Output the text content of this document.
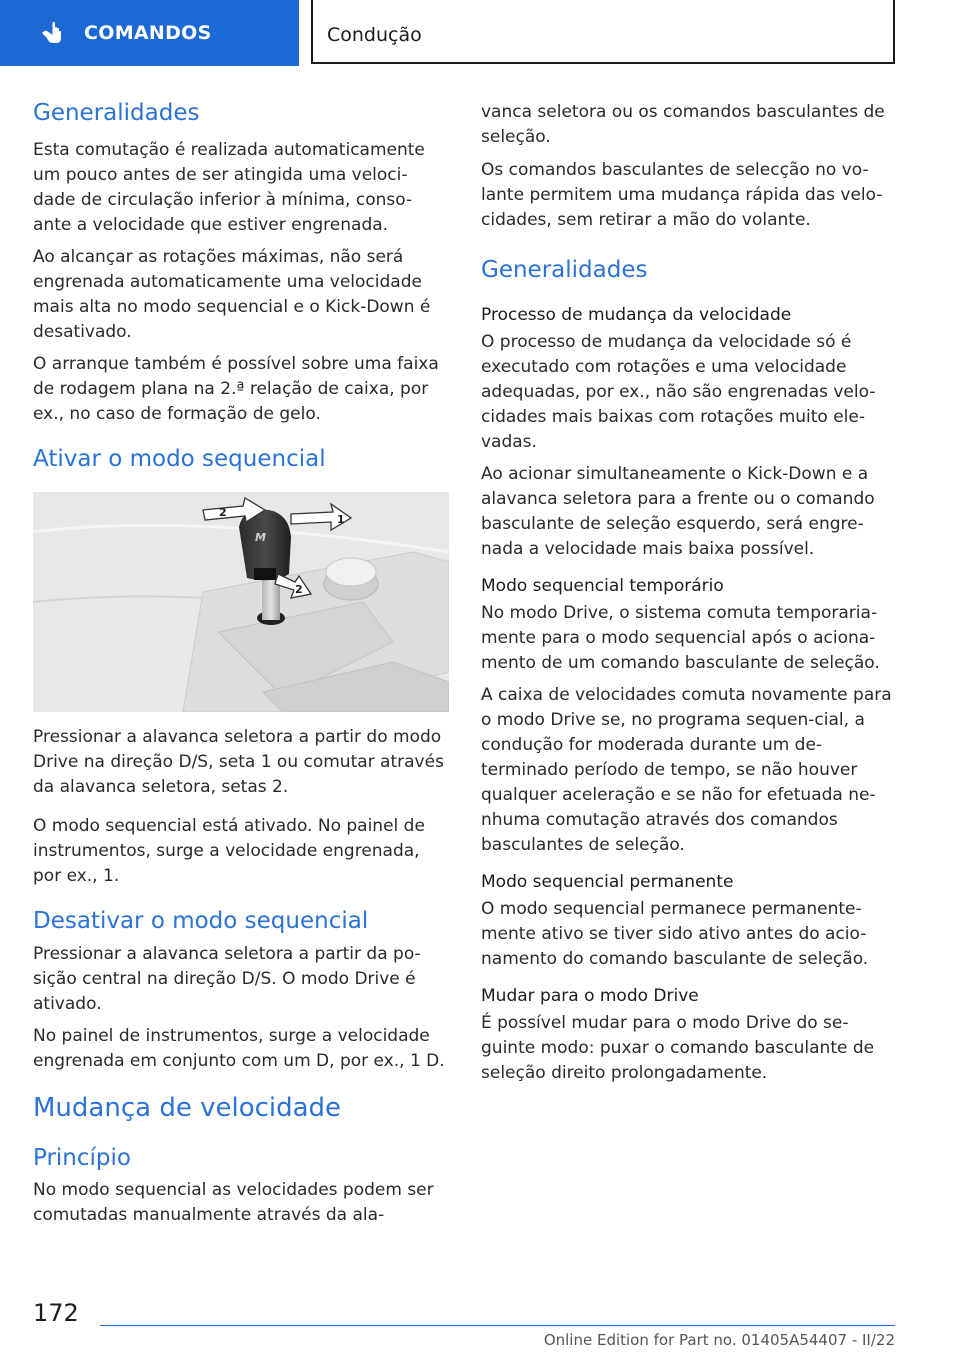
COMANDOS	Condução
Generalidades

Esta comutação é realizada automaticamente um pouco antes de ser atingida uma veloci-dade de circulação inferior à mínima, conso-ante a velocidade que estiver engrenada.

Ao alcançar as rotações máximas, não será engrenada automaticamente uma velocidade mais alta no modo sequencial e o Kick-Down é desativado.

O arranque também é possível sobre uma faixa de rodagem plana na 2.ª relação de caixa, por ex., no caso de formação de gelo.

Ativar o modo sequencial
M
1
2
2

Pressionar a alavanca seletora a partir do modo Drive na direção D/S, seta 1 ou comutar através da alavanca seletora, setas 2.

O modo sequencial está ativado. No painel de instrumentos, surge a velocidade engrenada, por ex., 1.

Desativar o modo sequencial

Pressionar a alavanca seletora a partir da po-sição central na direção D/S. O modo Drive é ativado.

No painel de instrumentos, surge a velocidade engrenada em conjunto com um D, por ex., 1 D.

Mudança de velocidade
Princípio

No modo sequencial as velocidades podem ser comutadas manualmente através da ala-

vanca seletora ou os comandos basculantes de seleção.

Os comandos basculantes de selecção no vo-lante permitem uma mudança rápida das velo-cidades, sem retirar a mão do volante.

Generalidades
Processo de mudança da velocidade

O processo de mudança da velocidade só é executado com rotações e uma velocidade adequadas, por ex., não são engrenadas velo-cidades mais baixas com rotações muito ele-vadas.

Ao acionar simultaneamente o Kick-Down e a alavanca seletora para a frente ou o comando basculante de seleção esquerdo, será engre-nada a velocidade mais baixa possível.

Modo sequencial temporário

No modo Drive, o sistema comuta temporaria-mente para o modo sequencial após o aciona-mento de um comando basculante de seleção.

A caixa de velocidades comuta novamente para o modo Drive se, no programa sequen-cial, a condução for moderada durante um de-terminado período de tempo, se não houver qualquer aceleração e se não for efetuada ne-nhuma comutação através dos comandos basculantes de seleção.

Modo sequencial permanente

O modo sequencial permanece permanente-mente ativo se tiver sido ativo antes do acio-namento do comando basculante de seleção.

Mudar para o modo Drive

É possível mudar para o modo Drive do se-guinte modo: puxar o comando basculante de seleção direito prolongadamente.

172
Online Edition for Part no. 01405A54407 - II/22
